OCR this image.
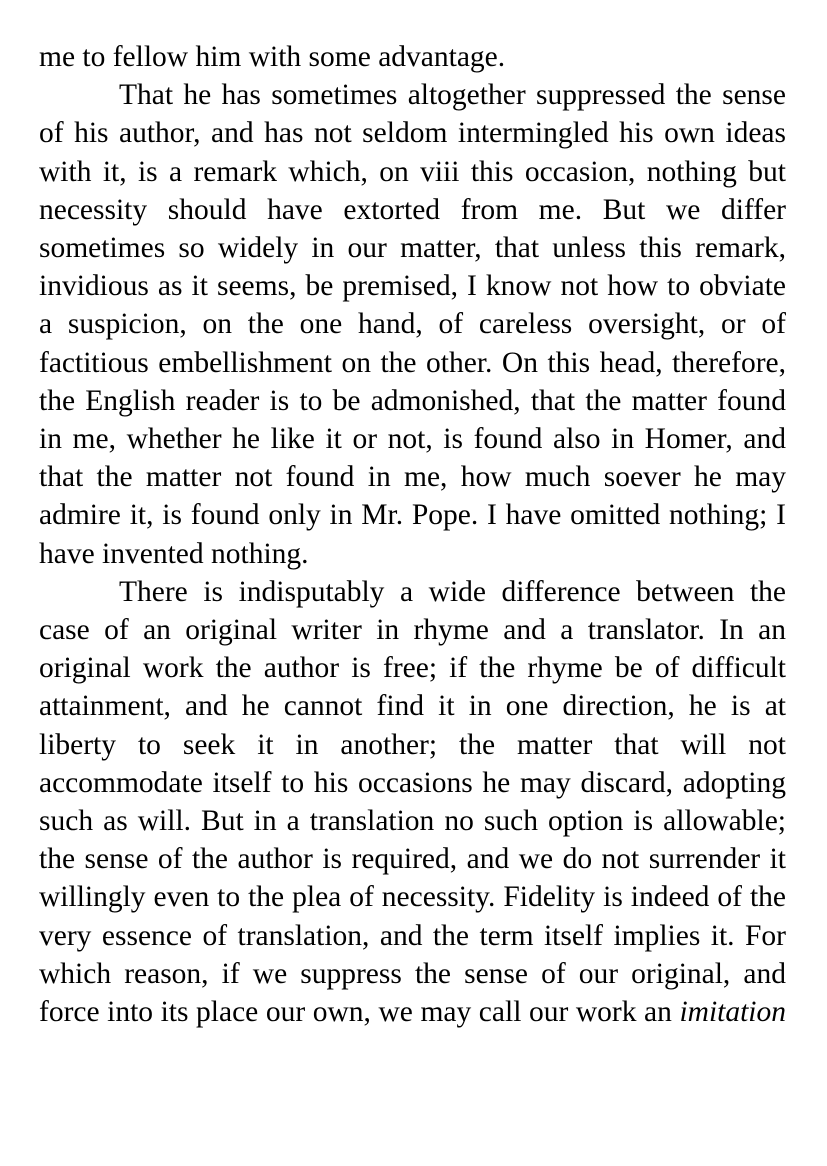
me to fellow him with some advantage.

That he has sometimes altogether suppressed the sense of his author, and has not seldom intermingled his own ideas with it, is a remark which, on viii this occasion, nothing but necessity should have extorted from me. But we differ sometimes so widely in our matter, that unless this remark, invidious as it seems, be premised, I know not how to obviate a suspicion, on the one hand, of careless oversight, or of factitious embellishment on the other. On this head, therefore, the English reader is to be admonished, that the matter found in me, whether he like it or not, is found also in Homer, and that the matter not found in me, how much soever he may admire it, is found only in Mr. Pope. I have omitted nothing; I have invented nothing.

There is indisputably a wide difference between the case of an original writer in rhyme and a translator. In an original work the author is free; if the rhyme be of difficult attainment, and he cannot find it in one direction, he is at liberty to seek it in another; the matter that will not accommodate itself to his occasions he may discard, adopting such as will. But in a translation no such option is allowable; the sense of the author is required, and we do not surrender it willingly even to the plea of necessity. Fidelity is indeed of the very essence of translation, and the term itself implies it. For which reason, if we suppress the sense of our original, and force into its place our own, we may call our work an imitation
